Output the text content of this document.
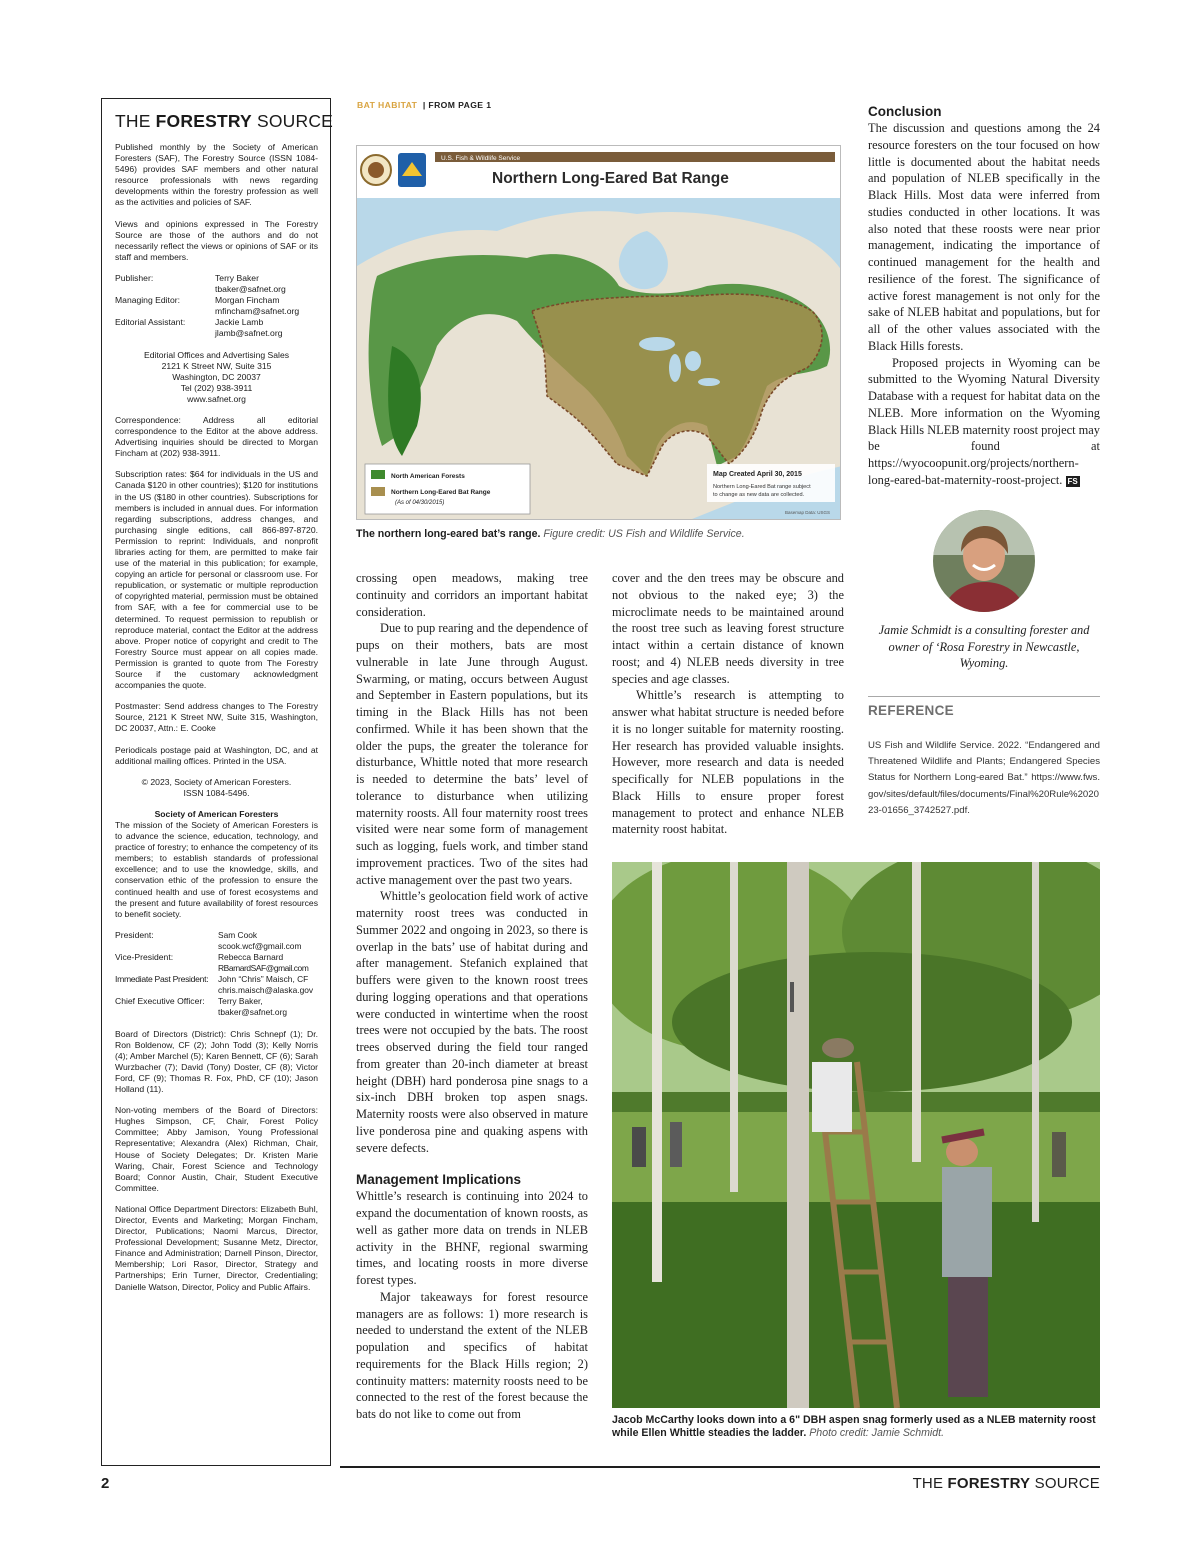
THE FORESTRY SOURCE

Published monthly by the Society of American Foresters (SAF), The Forestry Source (ISSN 1084-5496) provides SAF members and other natural resource professionals with news regarding developments within the forestry profession as well as the activities and policies of SAF.

Views and opinions expressed in The Forestry Source are those of the authors and do not necessarily reflect the views or opinions of SAF or its staff and members.

Publisher:	Terry Baker
tbaker@safnet.org
Managing Editor:	Morgan Fincham
mfincham@safnet.org
Editorial Assistant:	Jackie Lamb
jlamb@safnet.org
Editorial Offices and Advertising Sales
2121 K Street NW, Suite 315
Washington, DC 20037
Tel (202) 938-3911
www.safnet.org

Correspondence: Address all editorial correspondence to the Editor at the above address. Advertising inquiries should be directed to Morgan Fincham at (202) 938-3911.

Subscription rates: $64 for individuals in the US and Canada $120 in other countries); $120 for institutions in the US ($180 in other countries). Subscriptions for members is included in annual dues. For information regarding subscriptions, address changes, and purchasing single editions, call 866-897-8720. Permission to reprint: Individuals, and nonprofit libraries acting for them, are permitted to make fair use of the material in this publication; for example, copying an article for personal or classroom use. For republication, or systematic or multiple reproduction of copyrighted material, permission must be obtained from SAF, with a fee for commercial use to be determined. To request permission to republish or reproduce material, contact the Editor at the address above. Proper notice of copyright and credit to The Forestry Source must appear on all copies made. Permission is granted to quote from The Forestry Source if the customary acknowledgment accompanies the quote.

Postmaster: Send address changes to The Forestry Source, 2121 K Street NW, Suite 315, Washington, DC 20037, Attn.: E. Cooke

Periodicals postage paid at Washington, DC, and at additional mailing offices. Printed in the USA.

© 2023, Society of American Foresters.
ISSN 1084-5496.
Society of American Foresters

The mission of the Society of American Foresters is to advance the science, education, technology, and practice of forestry; to enhance the competency of its members; to establish standards of professional excellence; and to use the knowledge, skills, and conservation ethic of the profession to ensure the continued health and use of forest ecosystems and the present and future availability of forest resources to benefit society.

President:	Sam Cook
scook.wcf@gmail.com
Vice-President:	Rebecca Barnard
RBarnardSAF@gmail.com
Immediate Past President:	John “Chris” Maisch, CF
chris.maisch@alaska.gov
Chief Executive Officer:	Terry Baker,
tbaker@safnet.org

Board of Directors (District): Chris Schnepf (1); Dr. Ron Boldenow, CF (2); John Todd (3); Kelly Norris (4); Amber Marchel (5); Karen Bennett, CF (6); Sarah Wurzbacher (7); David (Tony) Doster, CF (8); Victor Ford, CF (9); Thomas R. Fox, PhD, CF (10); Jason Holland (11).

Non-voting members of the Board of Directors: Hughes Simpson, CF, Chair, Forest Policy Committee; Abby Jamison, Young Professional Representative; Alexandra (Alex) Richman, Chair, House of Society Delegates; Dr. Kristen Marie Waring, Chair, Forest Science and Technology Board; Connor Austin, Chair, Student Executive Committee.

National Office Department Directors: Elizabeth Buhl, Director, Events and Marketing; Morgan Fincham, Director, Publications; Naomi Marcus, Director, Professional Development; Susanne Metz, Director, Finance and Administration; Darnell Pinson, Director, Membership; Lori Rasor, Director, Strategy and Partnerships; Erin Turner, Director, Credentialing; Danielle Watson, Director, Policy and Public Affairs.

BAT HABITAT | FROM PAGE 1
U.S. Fish & Wildlife Service
Northern Long-Eared Bat Range
North American Forests
Northern Long-Eared Bat Range
(As of 04/30/2015)
Map Created April 30, 2015
Northern Long-Eared Bat range subject
to change as new data are collected.
Basemap Data: USGS
The northern long-eared bat’s range. Figure credit: US Fish and Wildlife Service.

crossing open meadows, making tree continuity and corridors an important habitat consideration.

Due to pup rearing and the dependence of pups on their mothers, bats are most vulnerable in late June through August. Swarming, or mating, occurs between August and September in Eastern populations, but its timing in the Black Hills has not been confirmed. While it has been shown that the older the pups, the greater the tolerance for disturbance, Whittle noted that more research is needed to determine the bats’ level of tolerance to disturbance when utilizing maternity roosts. All four maternity roost trees visited were near some form of management such as logging, fuels work, and timber stand improvement practices. Two of the sites had active management over the past two years.

Whittle’s geolocation field work of active maternity roost trees was conducted in Summer 2022 and ongoing in 2023, so there is overlap in the bats’ use of habitat during and after management. Stefanich explained that buffers were given to the known roost trees during logging operations and that operations were conducted in wintertime when the roost trees were not occupied by the bats. The roost trees observed during the field tour ranged from greater than 20-inch diameter at breast height (DBH) hard ponderosa pine snags to a six-inch DBH broken top aspen snags. Maternity roosts were also observed in mature live ponderosa pine and quaking aspens with severe defects.

Management Implications

Whittle’s research is continuing into 2024 to expand the documentation of known roosts, as well as gather more data on trends in NLEB activity in the BHNF, regional swarming times, and locating roosts in more diverse forest types.

Major takeaways for forest resource managers are as follows: 1) more research is needed to understand the extent of the NLEB population and specifics of habitat requirements for the Black Hills region; 2) continuity matters: maternity roosts need to be connected to the rest of the forest because the bats do not like to come out from

cover and the den trees may be obscure and not obvious to the naked eye; 3) the microclimate needs to be maintained around the roost tree such as leaving forest structure intact within a certain distance of known roost; and 4) NLEB needs diversity in tree species and age classes.

Whittle’s research is attempting to answer what habitat structure is needed before it is no longer suitable for maternity roosting. Her research has provided valuable insights. However, more research and data is needed specifically for NLEB populations in the Black Hills to ensure proper forest management to protect and enhance NLEB maternity roost habitat.

Conclusion

The discussion and questions among the 24 resource foresters on the tour focused on how little is documented about the habitat needs and population of NLEB specifically in the Black Hills. Most data were inferred from studies conducted in other locations. It was also noted that these roosts were near prior management, indicating the importance of continued management for the health and resilience of the forest. The significance of active forest management is not only for the sake of NLEB habitat and populations, but for all of the other values associated with the Black Hills forests.

Proposed projects in Wyoming can be submitted to the Wyoming Natural Diversity Database with a request for habitat data on the NLEB. More information on the Wyoming Black Hills NLEB maternity roost project may be found at https://wyocoopunit.org/projects/northern-long-eared-bat-maternity-roost-project. FS

Jamie Schmidt is a consulting forester and owner of ‘Rosa Forestry in Newcastle, Wyoming.
REFERENCE
US Fish and Wildlife Service. 2022. “Endangered and Threatened Wildlife and Plants; Endangered Species Status for Northern Long-eared Bat.” https://www.fws.gov/sites/default/files/documents/Final%20Rule%202023-01656_3742527.pdf.
Jacob McCarthy looks down into a 6" DBH aspen snag formerly used as a NLEB maternity roost while Ellen Whittle steadies the ladder. Photo credit: Jamie Schmidt.
2	THE FORESTRY SOURCE
